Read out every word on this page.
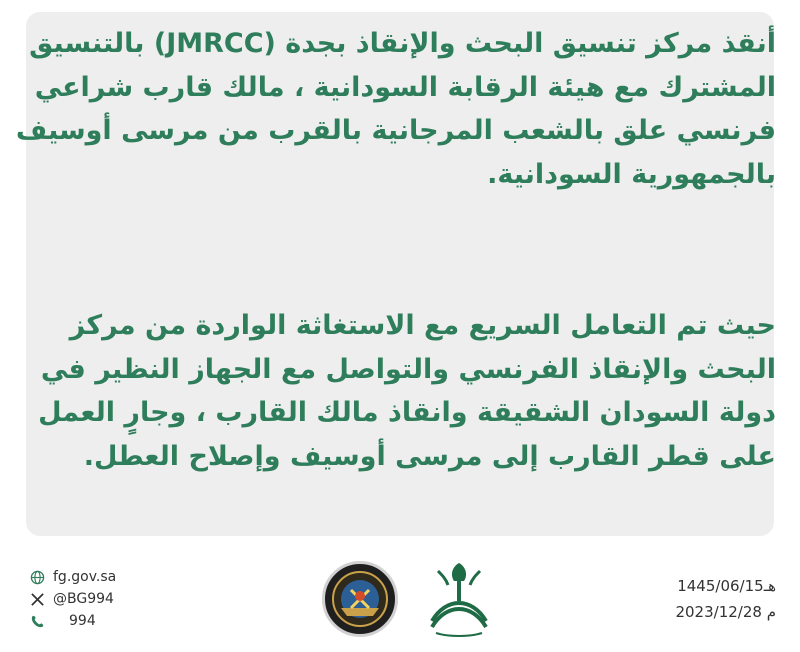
أنقذ مركز تنسيق البحث والإنقاذ بجدة (JMRCC) بالتنسيق
المشترك مع هيئة الرقابة السودانية ، مالك قارب شراعي
فرنسي علق بالشعب المرجانية بالقرب من مرسى أوسيف
بالجمهورية السودانية.
حيث تم التعامل السريع مع الاستغاثة الواردة من مركز
البحث والإنقاذ الفرنسي والتواصل مع الجهاز النظير في
دولة السودان الشقيقة وانقاذ مالك القارب ، وجارٍ العمل
على قطر القارب إلى مرسى أوسيف وإصلاح العطل.
fg.gov.sa
@BG994
994
1445/06/15هـ
2023/12/28 م
